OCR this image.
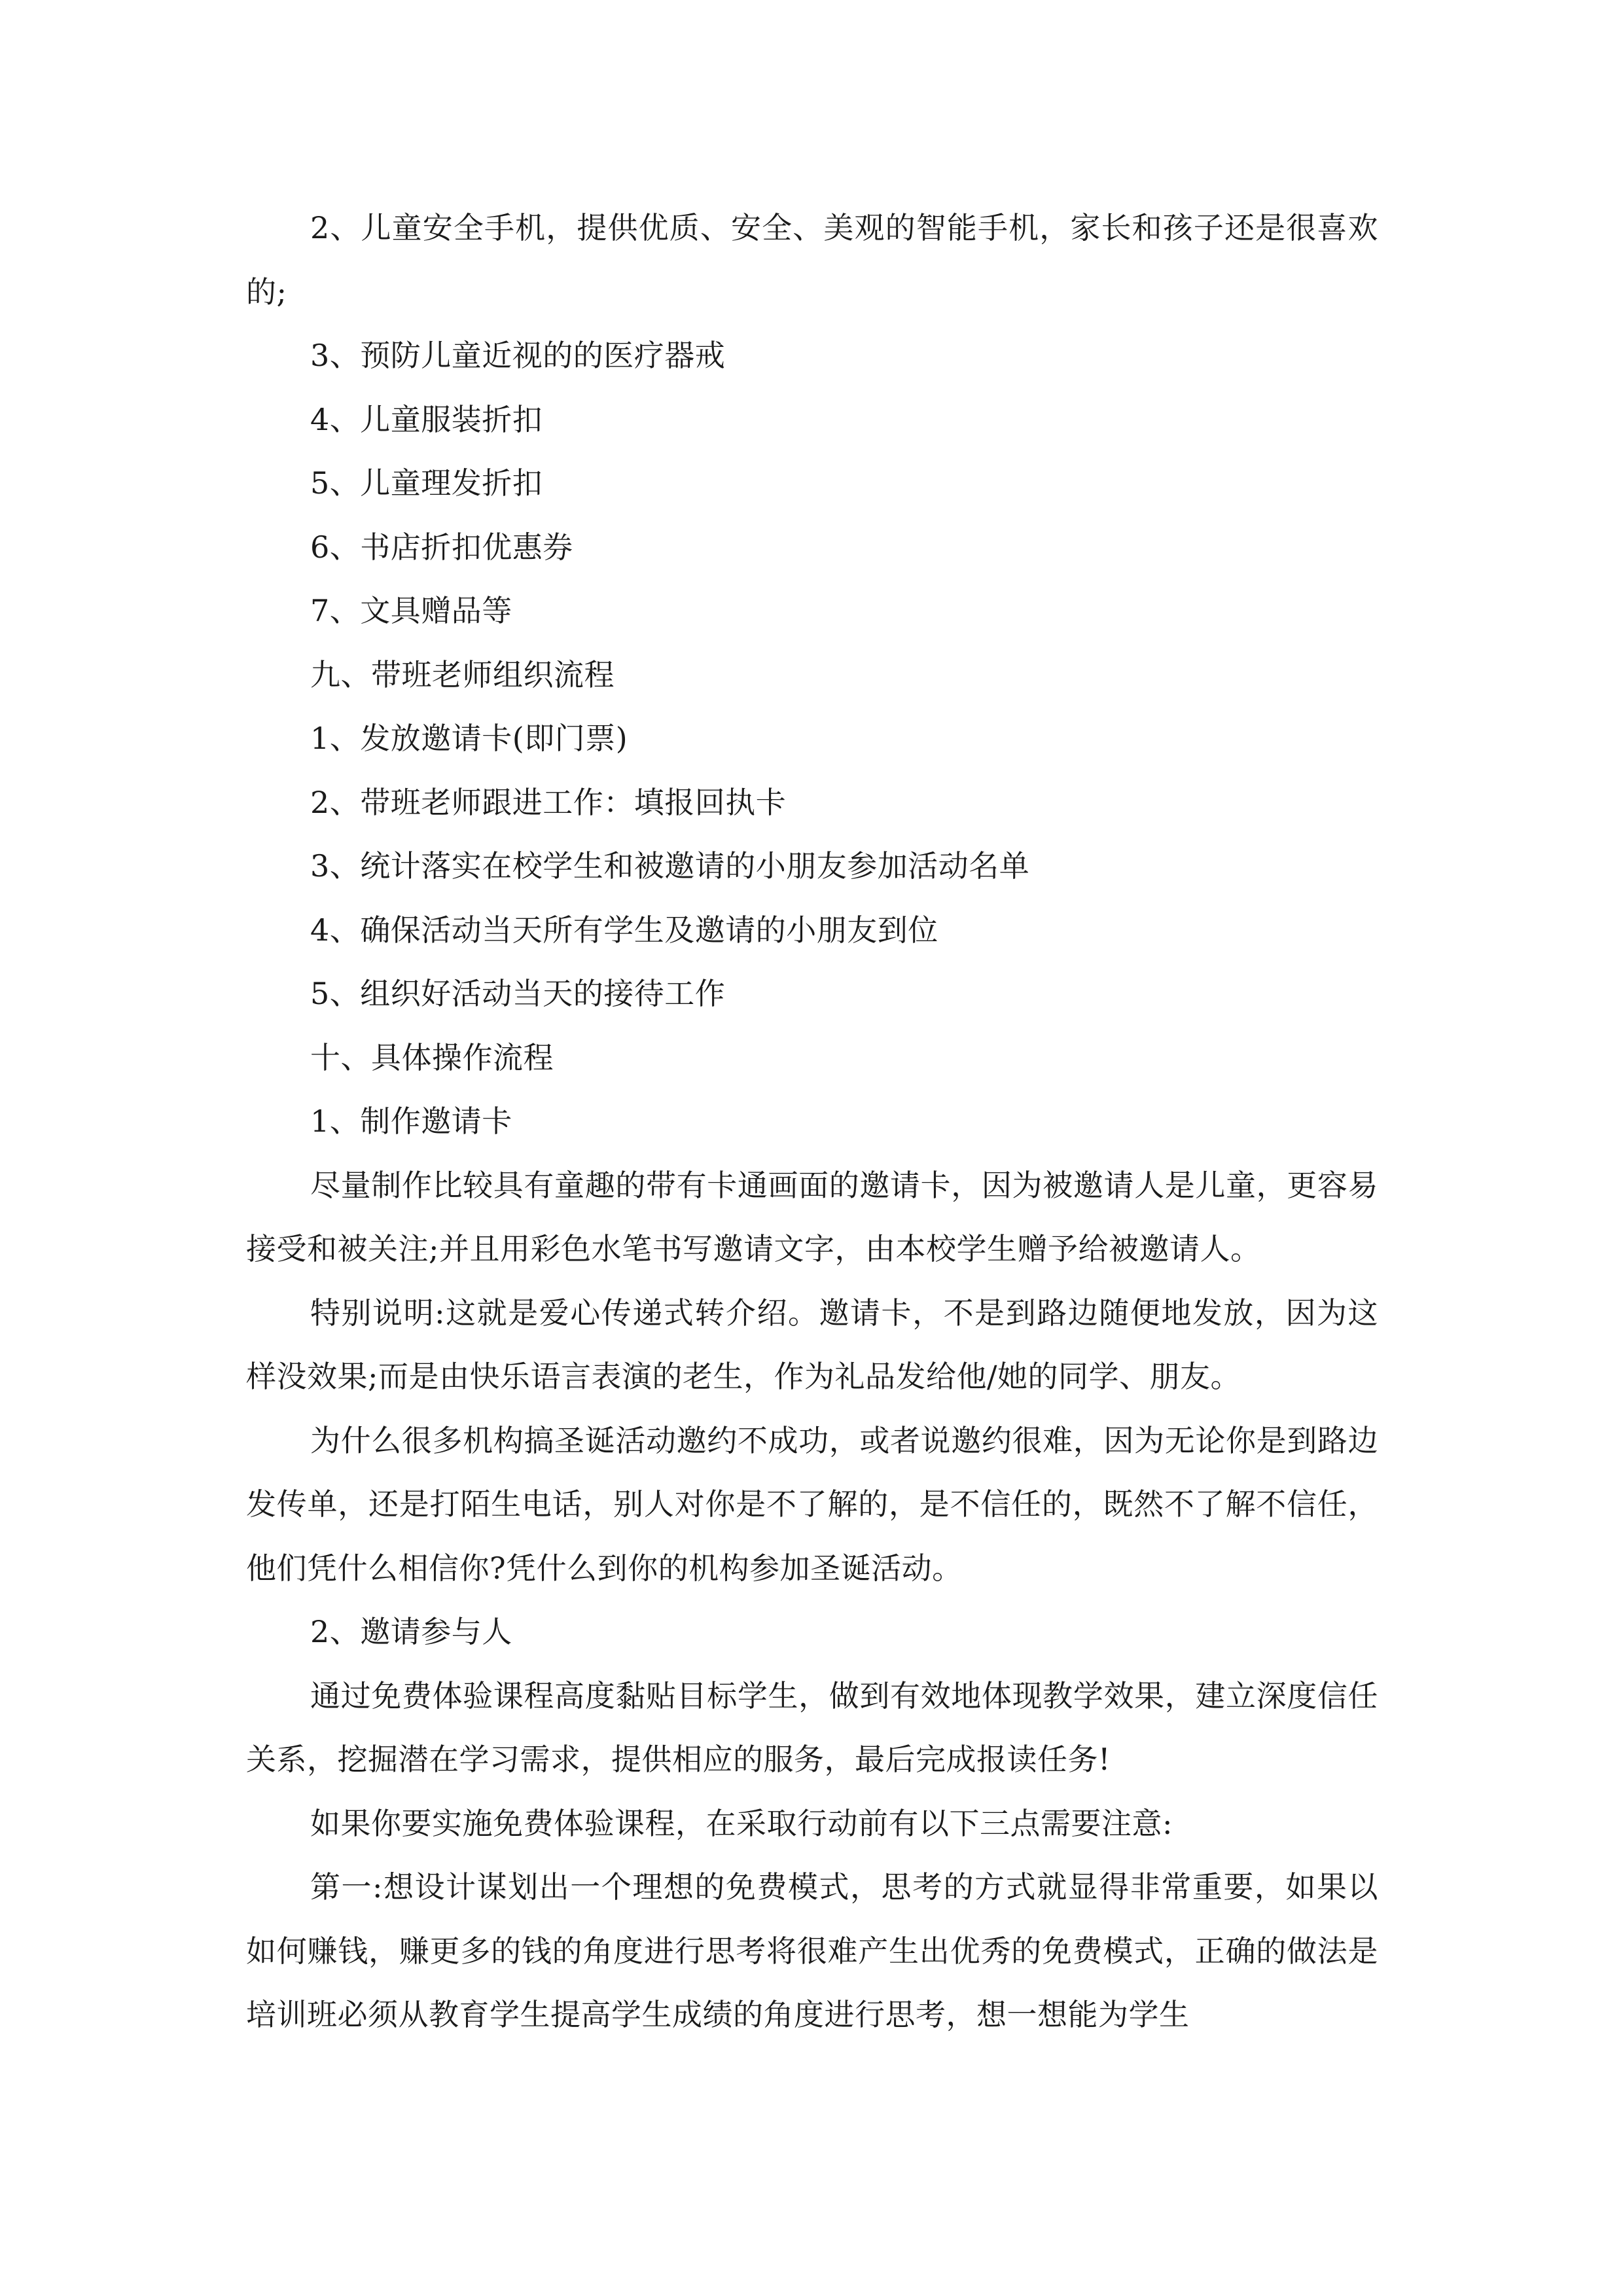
2、儿童安全手机，提供优质、安全、美观的智能手机，家长和孩子还是很喜欢的;

3、预防儿童近视的的医疗器戒

4、儿童服装折扣

5、儿童理发折扣

6、书店折扣优惠券

7、文具赠品等

九、带班老师组织流程

1、发放邀请卡(即门票)

2、带班老师跟进工作：填报回执卡

3、统计落实在校学生和被邀请的小朋友参加活动名单

4、确保活动当天所有学生及邀请的小朋友到位

5、组织好活动当天的接待工作

十、具体操作流程

1、制作邀请卡

尽量制作比较具有童趣的带有卡通画面的邀请卡，因为被邀请人是儿童，更容易接受和被关注;并且用彩色水笔书写邀请文字，由本校学生赠予给被邀请人。

特别说明:这就是爱心传递式转介绍。邀请卡，不是到路边随便地发放，因为这样没效果;而是由快乐语言表演的老生，作为礼品发给他/她的同学、朋友。

为什么很多机构搞圣诞活动邀约不成功，或者说邀约很难，因为无论你是到路边发传单，还是打陌生电话，别人对你是不了解的，是不信任的，既然不了解不信任，他们凭什么相信你?凭什么到你的机构参加圣诞活动。

2、邀请参与人

通过免费体验课程高度黏贴目标学生，做到有效地体现教学效果，建立深度信任关系，挖掘潜在学习需求，提供相应的服务，最后完成报读任务!

如果你要实施免费体验课程，在采取行动前有以下三点需要注意:

第一:想设计谋划出一个理想的免费模式，思考的方式就显得非常重要，如果以如何赚钱，赚更多的钱的角度进行思考将很难产生出优秀的免费模式，正确的做法是培训班必须从教育学生提高学生成绩的角度进行思考，想一想能为学生
